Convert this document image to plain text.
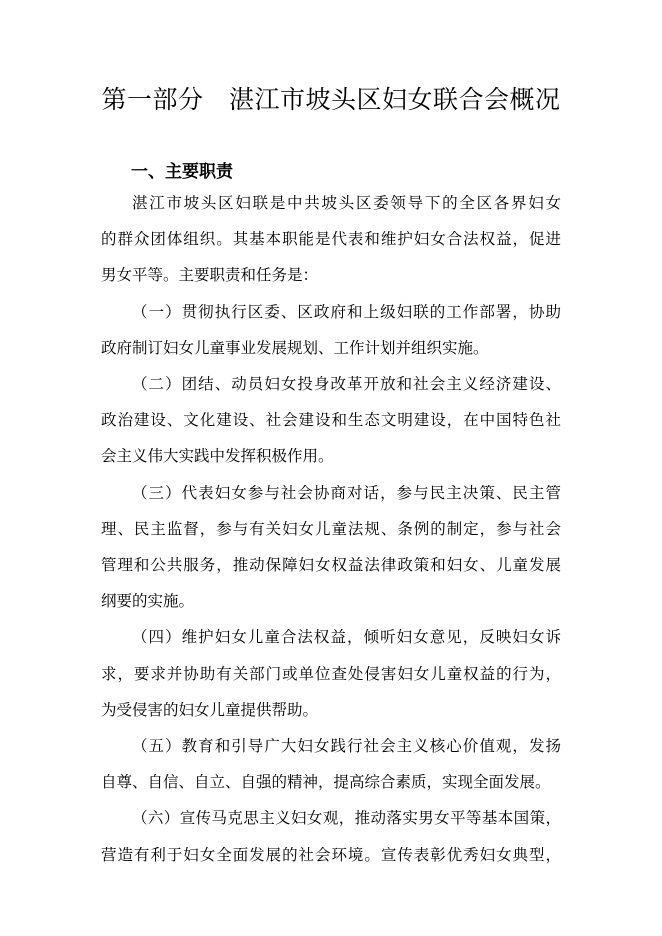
第一部分　湛江市坡头区妇女联合会概况
一、主要职责
湛江市坡头区妇联是中共坡头区委领导下的全区各界妇女
的群众团体组织。其基本职能是代表和维护妇女合法权益，促进
男女平等。主要职责和任务是：
（一）贯彻执行区委、区政府和上级妇联的工作部署，协助
政府制订妇女儿童事业发展规划、工作计划并组织实施。
（二）团结、动员妇女投身改革开放和社会主义经济建设、
政治建设、文化建设、社会建设和生态文明建设，在中国特色社
会主义伟大实践中发挥积极作用。
（三）代表妇女参与社会协商对话，参与民主决策、民主管
理、民主监督，参与有关妇女儿童法规、条例的制定，参与社会
管理和公共服务，推动保障妇女权益法律政策和妇女、儿童发展
纲要的实施。
（四）维护妇女儿童合法权益，倾听妇女意见，反映妇女诉
求，要求并协助有关部门或单位查处侵害妇女儿童权益的行为，
为受侵害的妇女儿童提供帮助。
（五）教育和引导广大妇女践行社会主义核心价值观，发扬
自尊、自信、自立、自强的精神，提高综合素质，实现全面发展。
（六）宣传马克思主义妇女观，推动落实男女平等基本国策，
营造有利于妇女全面发展的社会环境。宣传表彰优秀妇女典型，
